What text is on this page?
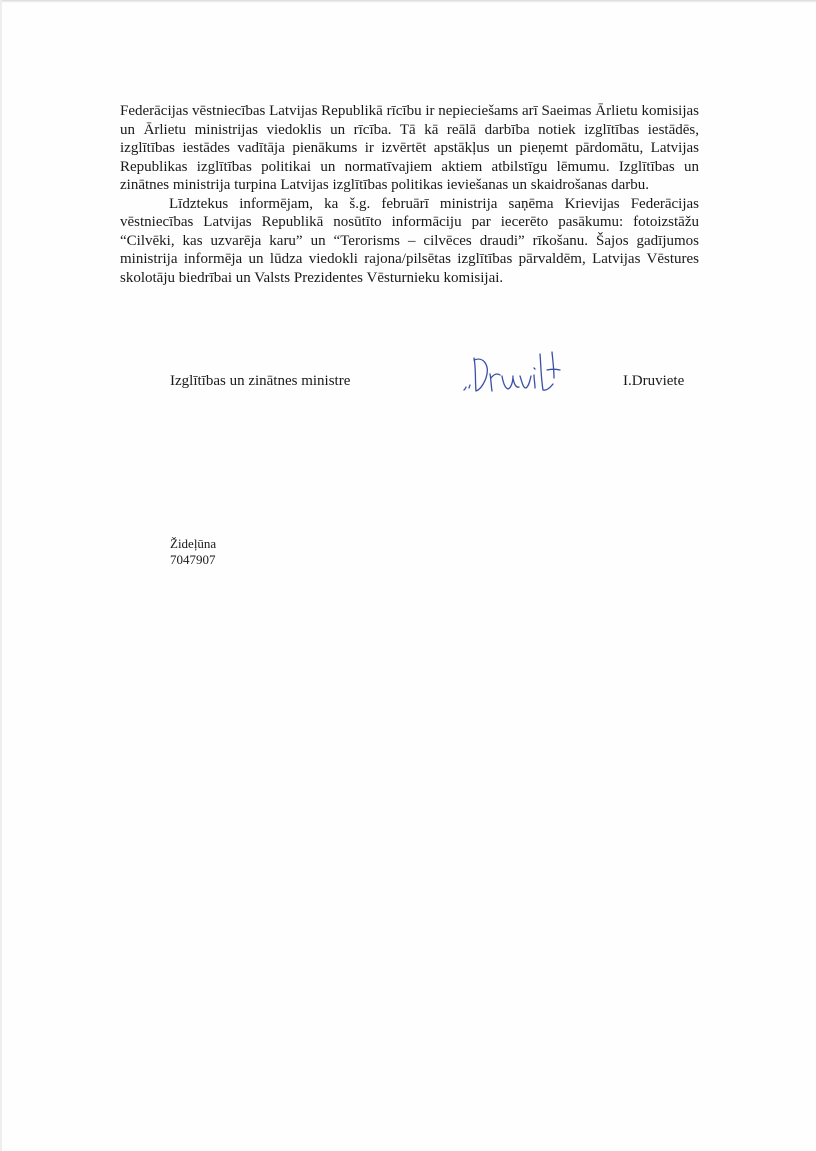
Federācijas vēstniecības Latvijas Republikā rīcību ir nepieciešams arī Saeimas Ārlietu komisijas un Ārlietu ministrijas viedoklis un rīcība. Tā kā reālā darbība notiek izglītības iestādēs, izglītības iestādes vadītāja pienākums ir izvērtēt apstākļus un pieņemt pārdomātu, Latvijas Republikas izglītības politikai un normatīvajiem aktiem atbilstīgu lēmumu. Izglītības un zinātnes ministrija turpina Latvijas izglītības politikas ieviešanas un skaidrošanas darbu.

Līdztekus informējam, ka š.g. februārī ministrija saņēma Krievijas Federācijas vēstniecības Latvijas Republikā nosūtīto informāciju par iecerēto pasākumu: fotoizstāžu “Cilvēki, kas uzvarēja karu” un “Terorisms – cilvēces draudi” rīkošanu. Šajos gadījumos ministrija informēja un lūdza viedokli rajona/pilsētas izglītības pārvaldēm, Latvijas Vēstures skolotāju biedrībai un Valsts Prezidentes Vēsturnieku komisijai.

Izglītības un zinātnes ministre	I.Druviete
Žideļūna
7047907
